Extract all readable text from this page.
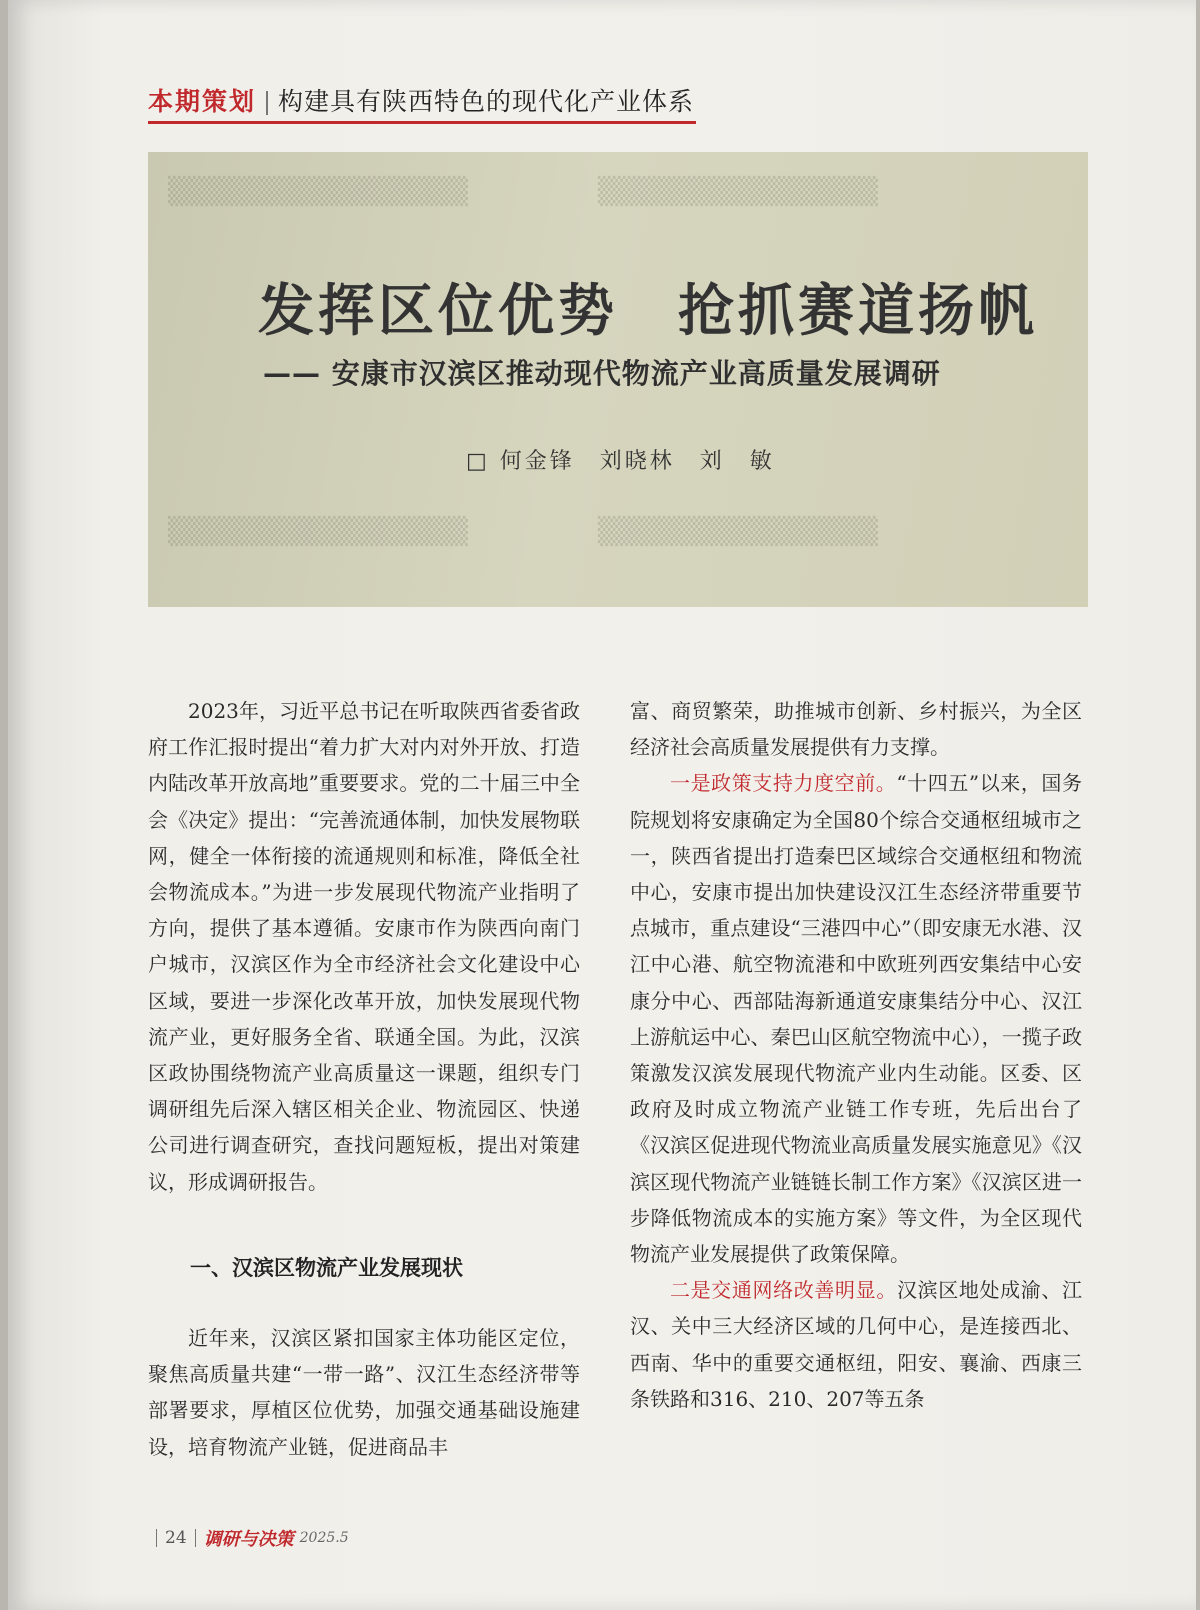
本期策划 构建具有陕西特色的现代化产业体系
▒▒▒▒▒▒▒▒▒▒▒▒▒▒▒　　　　　▒▒▒▒▒▒▒▒▒▒▒▒▒▒
▒▒▒▒▒▒▒▒▒▒▒▒▒▒▒　　　　　▒▒▒▒▒▒▒▒▒▒▒▒▒▒
发挥区位优势　抢抓赛道扬帆
—— 安康市汉滨区推动现代物流产业高质量发展调研
□ 何金锋　刘晓林　刘　敏

2023年，习近平总书记在听取陕西省委省政府工作汇报时提出“着力扩大对内对外开放、打造内陆改革开放高地”重要要求。党的二十届三中全会《决定》提出：“完善流通体制，加快发展物联网，健全一体衔接的流通规则和标准，降低全社会物流成本。”为进一步发展现代物流产业指明了方向，提供了基本遵循。安康市作为陕西向南门户城市，汉滨区作为全市经济社会文化建设中心区域，要进一步深化改革开放，加快发展现代物流产业，更好服务全省、联通全国。为此，汉滨区政协围绕物流产业高质量这一课题，组织专门调研组先后深入辖区相关企业、物流园区、快递公司进行调查研究，查找问题短板，提出对策建议，形成调研报告。

一、汉滨区物流产业发展现状

近年来，汉滨区紧扣国家主体功能区定位，聚焦高质量共建“一带一路”、汉江生态经济带等部署要求，厚植区位优势，加强交通基础设施建设，培育物流产业链，促进商品丰

富、商贸繁荣，助推城市创新、乡村振兴，为全区经济社会高质量发展提供有力支撑。

一是政策支持力度空前。“十四五”以来，国务院规划将安康确定为全国80个综合交通枢纽城市之一，陕西省提出打造秦巴区域综合交通枢纽和物流中心，安康市提出加快建设汉江生态经济带重要节点城市，重点建设“三港四中心”（即安康无水港、汉江中心港、航空物流港和中欧班列西安集结中心安康分中心、西部陆海新通道安康集结分中心、汉江上游航运中心、秦巴山区航空物流中心），一揽子政策激发汉滨发展现代物流产业内生动能。区委、区政府及时成立物流产业链工作专班，先后出台了《汉滨区促进现代物流业高质量发展实施意见》《汉滨区现代物流产业链链长制工作方案》《汉滨区进一步降低物流成本的实施方案》等文件，为全区现代物流产业发展提供了政策保障。

二是交通网络改善明显。汉滨区地处成渝、江汉、关中三大经济区域的几何中心，是连接西北、西南、华中的重要交通枢纽，阳安、襄渝、西康三条铁路和316、210、207等五条

24 调研与决策 2025.5
